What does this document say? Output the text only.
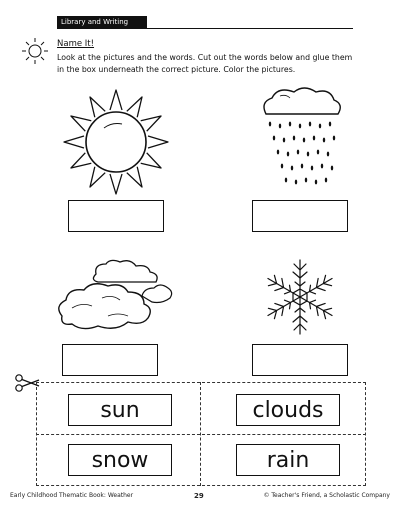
Library and Writing
Name It!
Look at the pictures and the words. Cut out the words below and glue them in the box underneath the correct picture. Color the pictures.
sun	clouds
snow	rain
Early Childhood Thematic Book: Weather	29	© Teacher's Friend, a Scholastic Company
